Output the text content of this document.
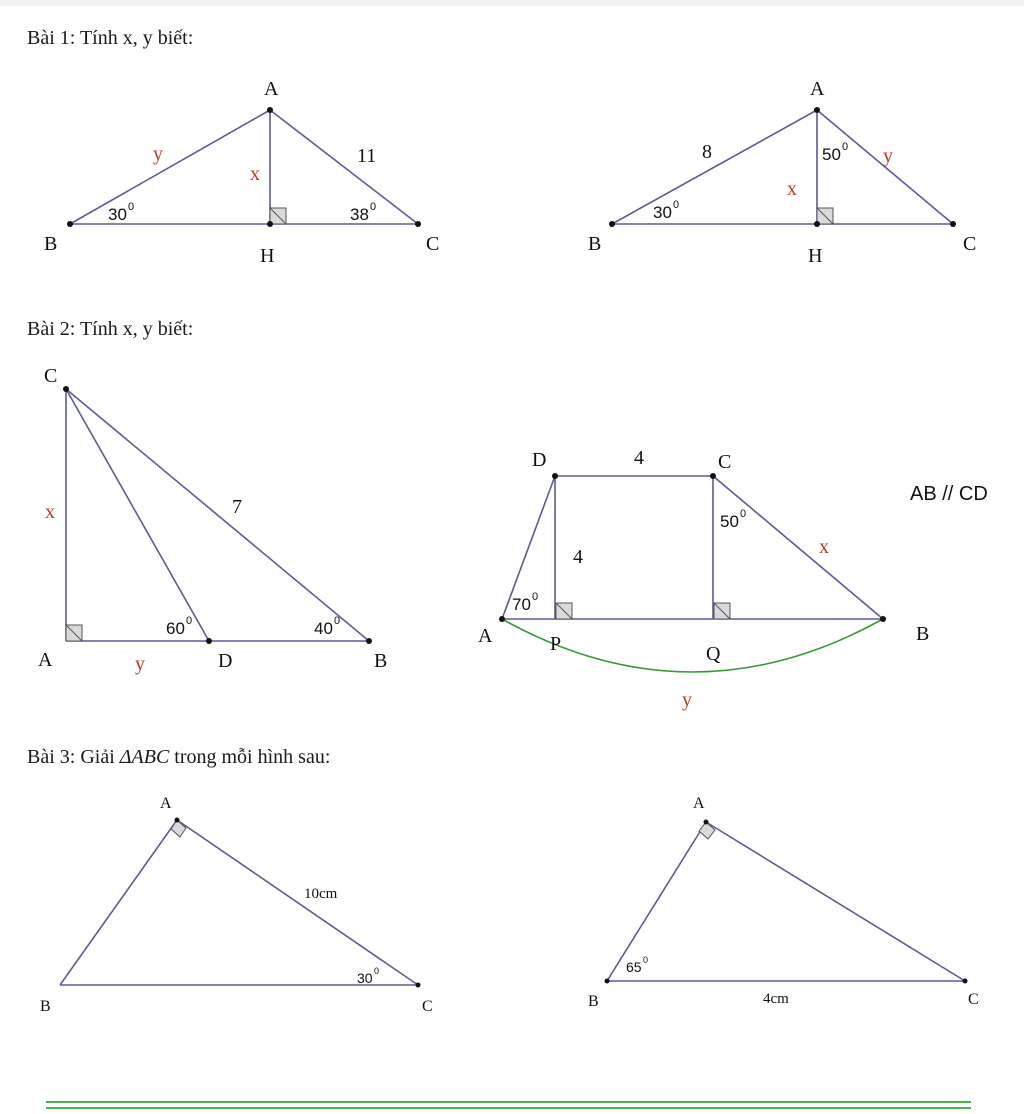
Bài 1: Tính x, y biết:
Bài 2: Tính x, y biết:
Bài 3: Giải ΔABC trong mỗi hình sau:
A
B
H
C
y
x
11
30 0	38 0
A
B
H
C
8
x
y
30 0
50 0
C
A	D	B
x
y
7
60 0	40 0
D	C
A	P	Q
B
4
4	x
y
70 0
50 0
AB // CD
A
B	C
10cm
30 0
A
B	C
4cm
65 0
